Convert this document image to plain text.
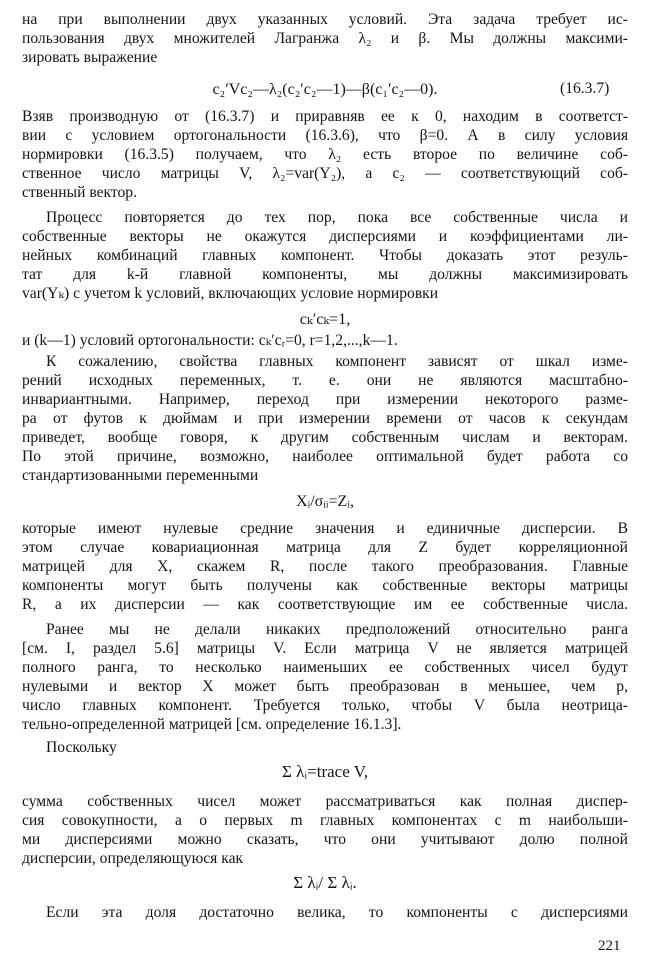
221
на при выполнении двух указанных условий. Эта задача требует ис-
пользования двух множителей Лагранжа λ₂ и β. Мы должны максими-
зировать выражение
c₂′Vc₂—λ₂(c₂′c₂—1)—β(c₁′c₂—0).	(16.3.7)
Взяв производную от (16.3.7) и приравняв ее к 0, находим в соответст-
вии с условием ортогональности (16.3.6), что β=0. А в силу условия
нормировки (16.3.5) получаем, что λ₂ есть второе по величине соб-
ственное число матрицы V, λ₂=var(Y₂), а c₂ — соответствующий соб-
ственный вектор.
Процесс повторяется до тех пор, пока все собственные числа и
собственные векторы не окажутся дисперсиями и коэффициентами ли-
нейных комбинаций главных компонент. Чтобы доказать этот резуль-
тат для k-й главной компоненты, мы должны максимизировать
var(Yₖ) с учетом k условий, включающих условие нормировки
cₖ′cₖ=1,
и (k—1) условий ортогональности: cₖ′cᵣ=0, r=1,2,...,k—1.
К сожалению, свойства главных компонент зависят от шкал изме-
рений исходных переменных, т. е. они не являются масштабно-
инвариантными. Например, переход при измерении некоторого разме-
ра от футов к дюймам и при измерении времени от часов к секундам
приведет, вообще говоря, к другим собственным числам и векторам.
По этой причине, возможно, наиболее оптимальной будет работа со
стандартизованными переменными
Xᵢ/σᵢᵢ=Zᵢ,
которые имеют нулевые средние значения и единичные дисперсии. В
этом случае ковариационная матрица для Z будет корреляционной
матрицей для X, скажем R, после такого преобразования. Главные
компоненты могут быть получены как собственные векторы матрицы
R, а их дисперсии — как соответствующие им ее собственные числа.
Ранее мы не делали никаких предположений относительно ранга
[см. I, раздел 5.6] матрицы V. Если матрица V не является матрицей
полного ранга, то несколько наименьших ее собственных чисел будут
нулевыми и вектор X может быть преобразован в меньшее, чем p,
число главных компонент. Требуется только, чтобы V была неотрица-
тельно-определенной матрицей [см. определение 16.1.3].
Поскольку
Σ λᵢ=trace V,
сумма собственных чисел может рассматриваться как полная диспер-
сия совокупности, а о первых m главных компонентах с m наибольши-
ми дисперсиями можно сказать, что они учитывают долю полной
дисперсии, определяющуюся как
Σ λᵢ/ Σ λᵢ.
Если эта доля достаточно велика, то компоненты с дисперсиями
